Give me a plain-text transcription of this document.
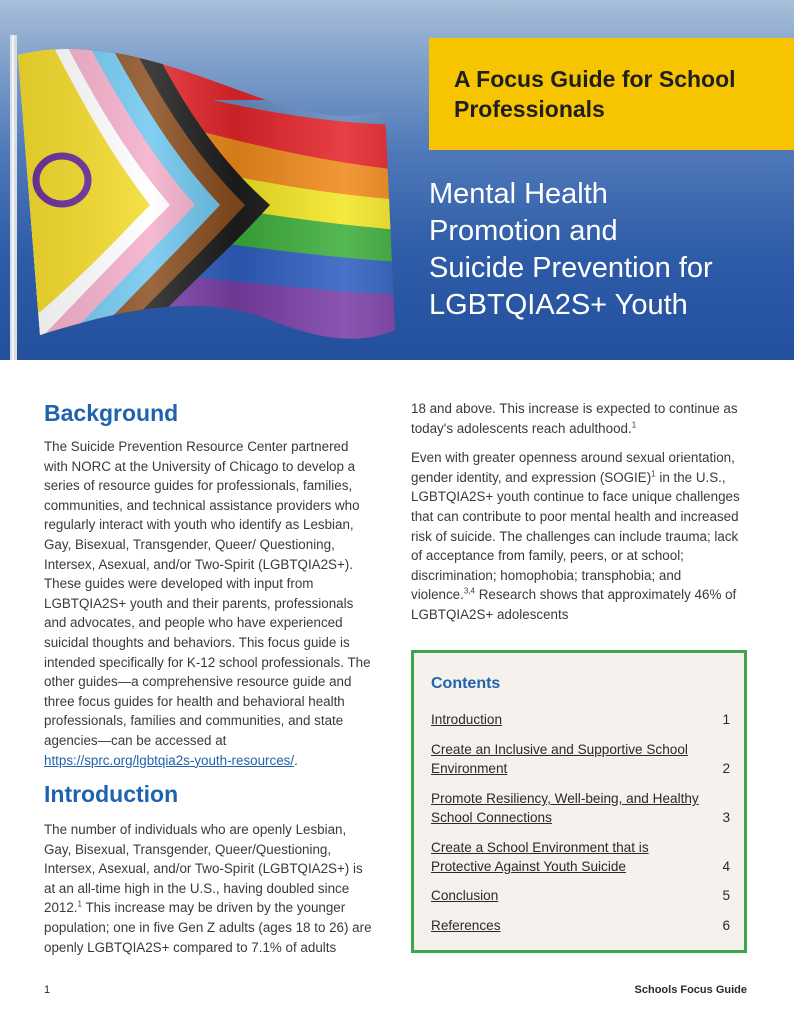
A Focus Guide for School Professionals
Mental Health
Promotion and
Suicide Prevention for
LGBTQIA2S+ Youth
Background

The Suicide Prevention Resource Center partnered with NORC at the University of Chicago to develop a series of resource guides for professionals, families, communities, and technical assistance providers who regularly interact with youth who identify as Lesbian, Gay, Bisexual, Transgender, Queer/ Questioning, Intersex, Asexual, and/or Two-Spirit (LGBTQIA2S+). These guides were developed with input from LGBTQIA2S+ youth and their parents, professionals and advocates, and people who have experienced suicidal thoughts and behaviors. This focus guide is intended specifically for K-12 school professionals. The other guides—a comprehensive resource guide and three focus guides for health and behavioral health professionals, families and communities, and state agencies—can be accessed at https://sprc.org/lgbtqia2s-youth-resources/.

Introduction

The number of individuals who are openly Lesbian, Gay, Bisexual, Transgender, Queer/Questioning, Intersex, Asexual, and/or Two-Spirit (LGBTQIA2S+) is at an all-time high in the U.S., having doubled since 2012.$^1$ This increase may be driven by the younger population; one in five Gen Z adults (ages 18 to 26) are openly LGBTQIA2S+ compared to 7.1% of adults

18 and above. This increase is expected to continue as today's adolescents reach adulthood.$^1$

Even with greater openness around sexual orientation, gender identity, and expression (SOGIE)$^1$ in the U.S., LGBTQIA2S+ youth continue to face unique challenges that can contribute to poor mental health and increased risk of suicide. The challenges can include trauma; lack of acceptance from family, peers, or at school; discrimination; homophobia; transphobia; and violence.$^{3,4}$ Research shows that approximately 46% of LGBTQIA2S+ adolescents

Contents
Introduction	1
Create an Inclusive and Supportive School Environment	2
Promote Resiliency, Well-being, and Healthy School Connections	3
Create a School Environment that is Protective Against Youth Suicide	4
Conclusion	5
References	6
1	Schools Focus Guide
